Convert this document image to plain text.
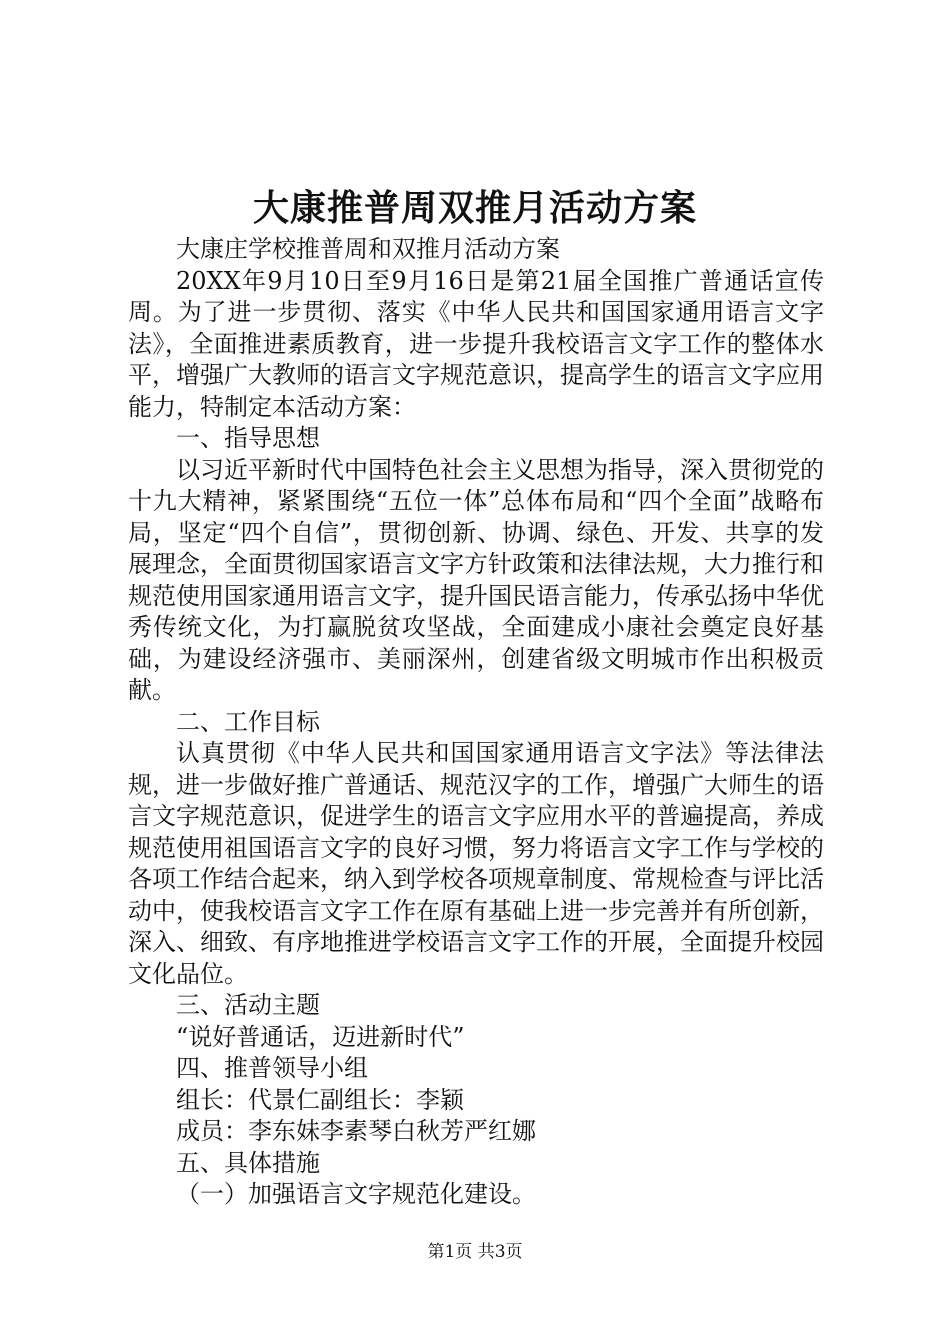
大康推普周双推月活动方案

大康庄学校推普周和双推月活动方案

20XX年9月10日至9月16日是第21届全国推广普通话宣传周。为了进一步贯彻、落实《中华人民共和国国家通用语言文字法》，全面推进素质教育，进一步提升我校语言文字工作的整体水平，增强广大教师的语言文字规范意识，提高学生的语言文字应用能力，特制定本活动方案：

一、指导思想

以习近平新时代中国特色社会主义思想为指导，深入贯彻党的十九大精神，紧紧围绕“五位一体”总体布局和“四个全面”战略布局，坚定“四个自信”，贯彻创新、协调、绿色、开发、共享的发展理念，全面贯彻国家语言文字方针政策和法律法规，大力推行和规范使用国家通用语言文字，提升国民语言能力，传承弘扬中华优秀传统文化，为打赢脱贫攻坚战，全面建成小康社会奠定良好基础，为建设经济强市、美丽深州，创建省级文明城市作出积极贡献。

二、工作目标

认真贯彻《中华人民共和国国家通用语言文字法》等法律法规，进一步做好推广普通话、规范汉字的工作，增强广大师生的语言文字规范意识，促进学生的语言文字应用水平的普遍提高，养成规范使用祖国语言文字的良好习惯，努力将语言文字工作与学校的各项工作结合起来，纳入到学校各项规章制度、常规检查与评比活动中，使我校语言文字工作在原有基础上进一步完善并有所创新，深入、细致、有序地推进学校语言文字工作的开展，全面提升校园文化品位。

三、活动主题

“说好普通话，迈进新时代”

四、推普领导小组

组长：代景仁副组长：李颖

成员：李东妹李素琴白秋芳严红娜

五、具体措施

（一）加强语言文字规范化建设。

第1页 共3页
